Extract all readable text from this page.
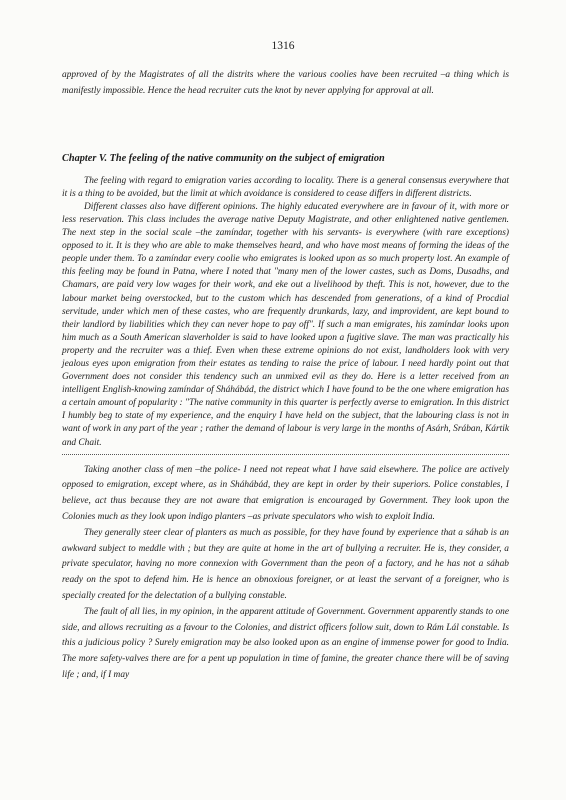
1316

approved of by the Magistrates of all the distrits where the various coolies have been recruited –a thing which is manifestly impossible. Hence the head recruiter cuts the knot by never applying for approval at all.

Chapter V. The feeling of the native community on the subject of emigration

The feeling with regard to emigration varies according to locality. There is a general consensus everywhere that it is a thing to be avoided, but the limit at which avoidance is considered to cease differs in different districts.

Different classes also have different opinions. The highly educated everywhere are in favour of it, with more or less reservation. This class includes the average native Deputy Magistrate, and other enlightened native gentlemen. The next step in the social scale –the zamíndar, together with his servants- is everywhere (with rare exceptions) opposed to it. It is they who are able to make themselves heard, and who have most means of forming the ideas of the people under them. To a zamíndar every coolie who emigrates is looked upon as so much property lost. An example of this feeling may be found in Patna, where I noted that "many men of the lower castes, such as Doms, Dusadhs, and Chamars, are paid very low wages for their work, and eke out a livelihood by theft. This is not, however, due to the labour market being overstocked, but to the custom which has descended from generations, of a kind of Procdial servitude, under which men of these castes, who are frequently drunkards, lazy, and improvident, are kept bound to their landlord by liabilities which they can never hope to pay off". If such a man emigrates, his zamíndar looks upon him much as a South American slaverholder is said to have looked upon a fugitive slave. The man was practically his property and the recruiter was a thief. Even when these extreme opinions do not exist, landholders look with very jealous eyes upon emigration from their estates as tending to raise the price of labour. I need hardly point out that Government does not consider this tendency such an unmixed evil as they do. Here is a letter received from an intelligent English-knowing zamíndar of Sháhábád, the district which I have found to be the one where emigration has a certain amount of popularity : "The native community in this quarter is perfectly averse to emigration. In this district I humbly beg to state of my experience, and the enquiry I have held on the subject, that the labouring class is not in want of work in any part of the year ; rather the demand of labour is very large in the months of Asárh, Srában, Kártik and Chait.

Taking another class of men –the police- I need not repeat what I have said elsewhere. The police are actively opposed to emigration, except where, as in Sháhábád, they are kept in order by their superiors. Police constables, I believe, act thus because they are not aware that emigration is encouraged by Government. They look upon the Colonies much as they look upon indigo planters –as private speculators who wish to exploit India.

They generally steer clear of planters as much as possible, for they have found by experience that a sáhab is an awkward subject to meddle with ; but they are quite at home in the art of bullying a recruiter. He is, they consider, a private speculator, having no more connexion with Government than the peon of a factory, and he has not a sáhab ready on the spot to defend him. He is hence an obnoxious foreigner, or at least the servant of a foreigner, who is specially created for the delectation of a bullying constable.

The fault of all lies, in my opinion, in the apparent attitude of Government. Government apparently stands to one side, and allows recruiting as a favour to the Colonies, and district officers follow suit, down to Rám Lál constable. Is this a judicious policy ? Surely emigration may be also looked upon as an engine of immense power for good to India. The more safety-valves there are for a pent up population in time of famine, the greater chance there will be of saving life ; and, if I may
